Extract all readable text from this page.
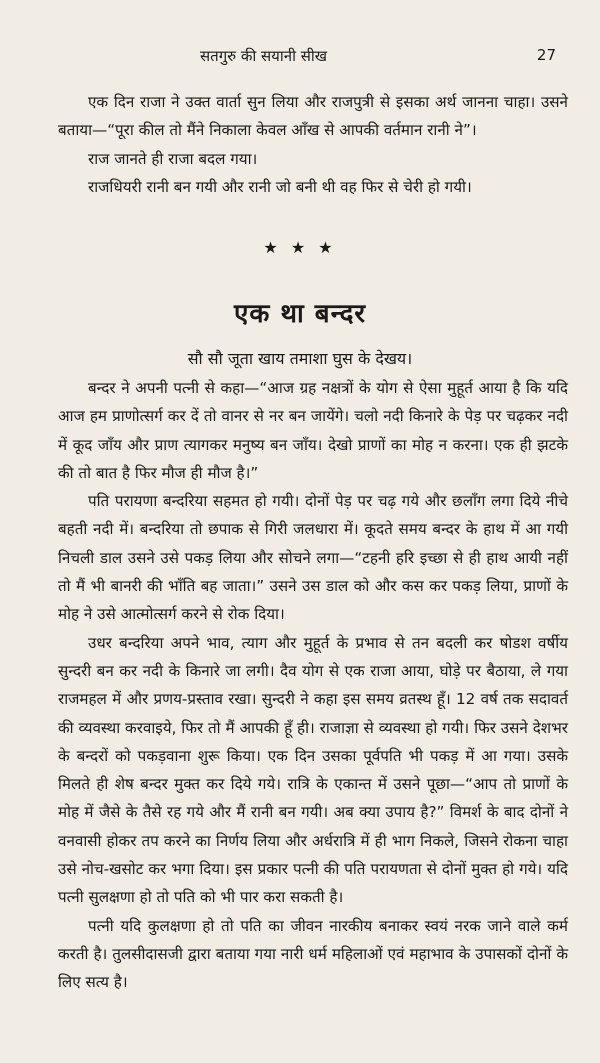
सतगुरु की सयानी सीख	27

एक दिन राजा ने उक्त वार्ता सुन लिया और राजपुत्री से इसका अर्थ जानना चाहा। उसने बताया—“पूरा कील तो मैंने निकाला केवल आँख से आपकी वर्तमान रानी ने”।

राज जानते ही राजा बदल गया।

राजधियरी रानी बन गयी और रानी जो बनी थी वह फिर से चेरी हो गयी।

★ ★ ★
एक था बन्दर
सौ सौ जूता खाय तमाशा घुस के देखय।

बन्दर ने अपनी पत्नी से कहा—“आज ग्रह नक्षत्रों के योग से ऐसा मुहूर्त आया है कि यदि आज हम प्राणोत्सर्ग कर दें तो वानर से नर बन जायेंगे। चलो नदी किनारे के पेड़ पर चढ़कर नदी में कूद जाँय और प्राण त्यागकर मनुष्य बन जाँय। देखो प्राणों का मोह न करना। एक ही झटके की तो बात है फिर मौज ही मौज है।”

पति परायणा बन्दरिया सहमत हो गयी। दोनों पेड़ पर चढ़ गये और छलाँग लगा दिये नीचे बहती नदी में। बन्दरिया तो छपाक से गिरी जलधारा में। कूदते समय बन्दर के हाथ में आ गयी निचली डाल उसने उसे पकड़ लिया और सोचने लगा—“टहनी हरि इच्छा से ही हाथ आयी नहीं तो मैं भी बानरी की भाँति बह जाता।” उसने उस डाल को और कस कर पकड़ लिया, प्राणों के मोह ने उसे आत्मोत्सर्ग करने से रोक दिया।

उधर बन्दरिया अपने भाव, त्याग और मुहूर्त के प्रभाव से तन बदली कर षोडश वर्षीय सुन्दरी बन कर नदी के किनारे जा लगी। दैव योग से एक राजा आया, घोड़े पर बैठाया, ले गया राजमहल में और प्रणय-प्रस्ताव रखा। सुन्दरी ने कहा इस समय व्रतस्थ हूँ। 12 वर्ष तक सदावर्त की व्यवस्था करवाइये, फिर तो मैं आपकी हूँ ही। राजाज्ञा से व्यवस्था हो गयी। फिर उसने देशभर के बन्दरों को पकड़वाना शुरू किया। एक दिन उसका पूर्वपति भी पकड़ में आ गया। उसके मिलते ही शेष बन्दर मुक्त कर दिये गये। रात्रि के एकान्त में उसने पूछा—“आप तो प्राणों के मोह में जैसे के तैसे रह गये और मैं रानी बन गयी। अब क्या उपाय है?” विमर्श के बाद दोनों ने वनवासी होकर तप करने का निर्णय लिया और अर्धरात्रि में ही भाग निकले, जिसने रोकना चाहा उसे नोच-खसोट कर भगा दिया। इस प्रकार पत्नी की पति परायणता से दोनों मुक्त हो गये। यदि पत्नी सुलक्षणा हो तो पति को भी पार करा सकती है।

पत्नी यदि कुलक्षणा हो तो पति का जीवन नारकीय बनाकर स्वयं नरक जाने वाले कर्म करती है। तुलसीदासजी द्वारा बताया गया नारी धर्म महिलाओं एवं महाभाव के उपासकों दोनों के लिए सत्य है।
